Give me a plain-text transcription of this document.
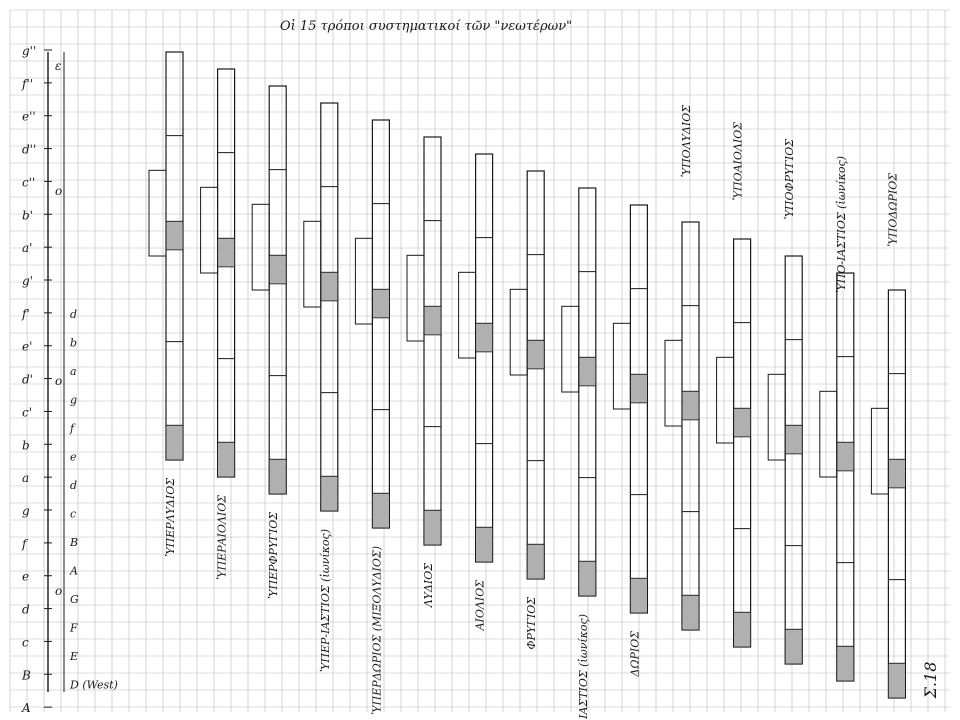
Οἱ 15 τρόποι συστηματικοί τῶν "νεωτέρων"
g''
f''
e''
d''
c''
b'
a'
g'
f'
e'
d'
c'
b
a
g
f
e
d
c
B
A
ε
ο
ο
ο
d
b
a
g
f
e
d
c
B
A
G
F
E
D (West)
ὙΠΕΡΛΥΔΙΟΣ	ὙΠΕΡΑΙΟΛΙΟΣ	ὙΠΕΡΦΡΥΓΙΟΣ	ὙΠΕΡ-ΙΑΣΤΙΟΣ (ἰωνίκος)	ὙΠΕΡΔΩΡΙΟΣ (ΜΙΞΟΛΥΔΙΟΣ)	ΛΥΔΙΟΣ	ΑΙΟΛΙΟΣ	ΦΡΥΓΙΟΣ	ΙΑΣΤΙΟΣ (ἰωνίκος)	ΔΩΡΙΟΣ
ὙΠΟΛΥΔΙΟΣ	ὙΠΟΑΙΟΛΙΟΣ	ὙΠΟΦΡΥΓΙΟΣ	ὙΠΟ-ΙΑΣΤΙΟΣ (ἰωνίκος)	ὙΠΟΔΩΡΙΟΣ
Σ.18
